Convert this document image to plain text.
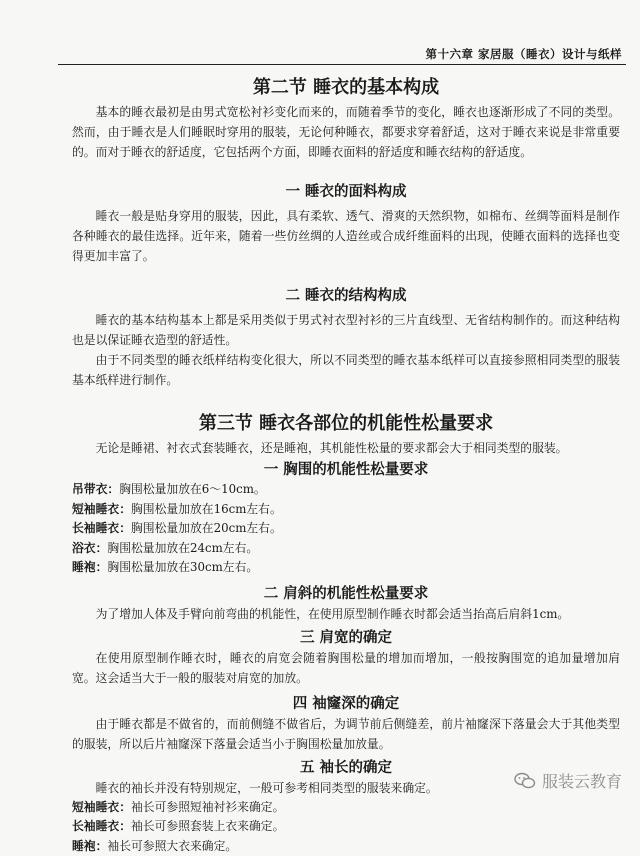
第十六章 家居服（睡衣）设计与纸样
第二节 睡衣的基本构成

基本的睡衣最初是由男式宽松衬衫变化而来的，而随着季节的变化，睡衣也逐渐形成了不同的类型。然而，由于睡衣是人们睡眠时穿用的服装，无论何种睡衣，都要求穿着舒适，这对于睡衣来说是非常重要的。而对于睡衣的舒适度，它包括两个方面，即睡衣面料的舒适度和睡衣结构的舒适度。

一 睡衣的面料构成

睡衣一般是贴身穿用的服装，因此，具有柔软、透气、滑爽的天然织物，如棉布、丝绸等面料是制作各种睡衣的最佳选择。近年来，随着一些仿丝绸的人造丝或合成纤维面料的出现，使睡衣面料的选择也变得更加丰富了。

二 睡衣的结构构成

睡衣的基本结构基本上都是采用类似于男式衬衣型衬衫的三片直线型、无省结构制作的。而这种结构也是以保证睡衣造型的舒适性。

由于不同类型的睡衣纸样结构变化很大，所以不同类型的睡衣基本纸样可以直接参照相同类型的服装基本纸样进行制作。

第三节 睡衣各部位的机能性松量要求

无论是睡裙、衬衣式套装睡衣，还是睡袍，其机能性松量的要求都会大于相同类型的服装。

一 胸围的机能性松量要求

吊带衣：胸围松量加放在6～10cm。

短袖睡衣：胸围松量加放在16cm左右。

长袖睡衣：胸围松量加放在20cm左右。

浴衣：胸围松量加放在24cm左右。

睡袍：胸围松量加放在30cm左右。

二 肩斜的机能性松量要求

为了增加人体及手臂向前弯曲的机能性，在使用原型制作睡衣时都会适当抬高后肩斜1cm。

三 肩宽的确定

在使用原型制作睡衣时，睡衣的肩宽会随着胸围松量的增加而增加，一般按胸围宽的追加量增加肩宽。这会适当大于一般的服装对肩宽的加放。

四 袖窿深的确定

由于睡衣都是不做省的，而前侧缝不做省后，为调节前后侧缝差，前片袖窿深下落量会大于其他类型的服装，所以后片袖窿深下落量会适当小于胸围松量加放量。

五 袖长的确定

睡衣的袖长并没有特别规定，一般可参考相同类型的服装来确定。

短袖睡衣：袖长可参照短袖衬衫来确定。

长袖睡衣：袖长可参照套装上衣来确定。

睡袍：袖长可参照大衣来确定。

服装云教育
